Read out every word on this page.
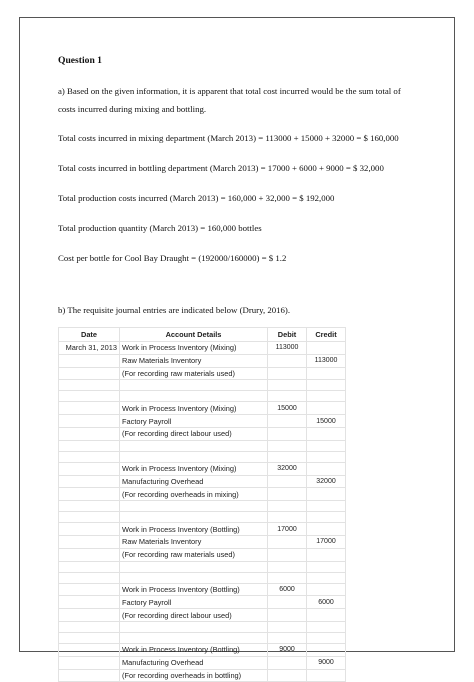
Question 1

a) Based on the given information, it is apparent that total cost incurred would be the sum total of costs incurred during mixing and bottling.

Total costs incurred in mixing department (March 2013) = 113000 + 15000 + 32000 = $ 160,000

Total costs incurred in bottling department (March 2013) = 17000 + 6000 + 9000 = $ 32,000

Total production costs incurred (March 2013) = 160,000 + 32,000 = $ 192,000

Total production quantity (March 2013) = 160,000 bottles

Cost per bottle for Cool Bay Draught = (192000/160000) = $ 1.2

b) The requisite journal entries are indicated below (Drury, 2016).

Date	Account Details	Debit	Credit
March 31, 2013	Work in Process Inventory (Mixing)	113000	
	Raw Materials Inventory		113000
	(For recording raw materials used)		

	Work in Process Inventory (Mixing)	15000	
	Factory Payroll		15000
	(For recording direct labour used)		

	Work in Process Inventory (Mixing)	32000	
	Manufacturing Overhead		32000
	(For recording overheads in mixing)		

	Work in Process Inventory (Bottling)	17000	
	Raw Materials Inventory		17000
	(For recording raw materials used)		

	Work in Process Inventory (Bottling)	6000	
	Factory Payroll		6000
	(For recording direct labour used)		

	Work in Process Inventory (Bottling)	9000	
	Manufacturing Overhead		9000
	(For recording overheads in bottling)		
